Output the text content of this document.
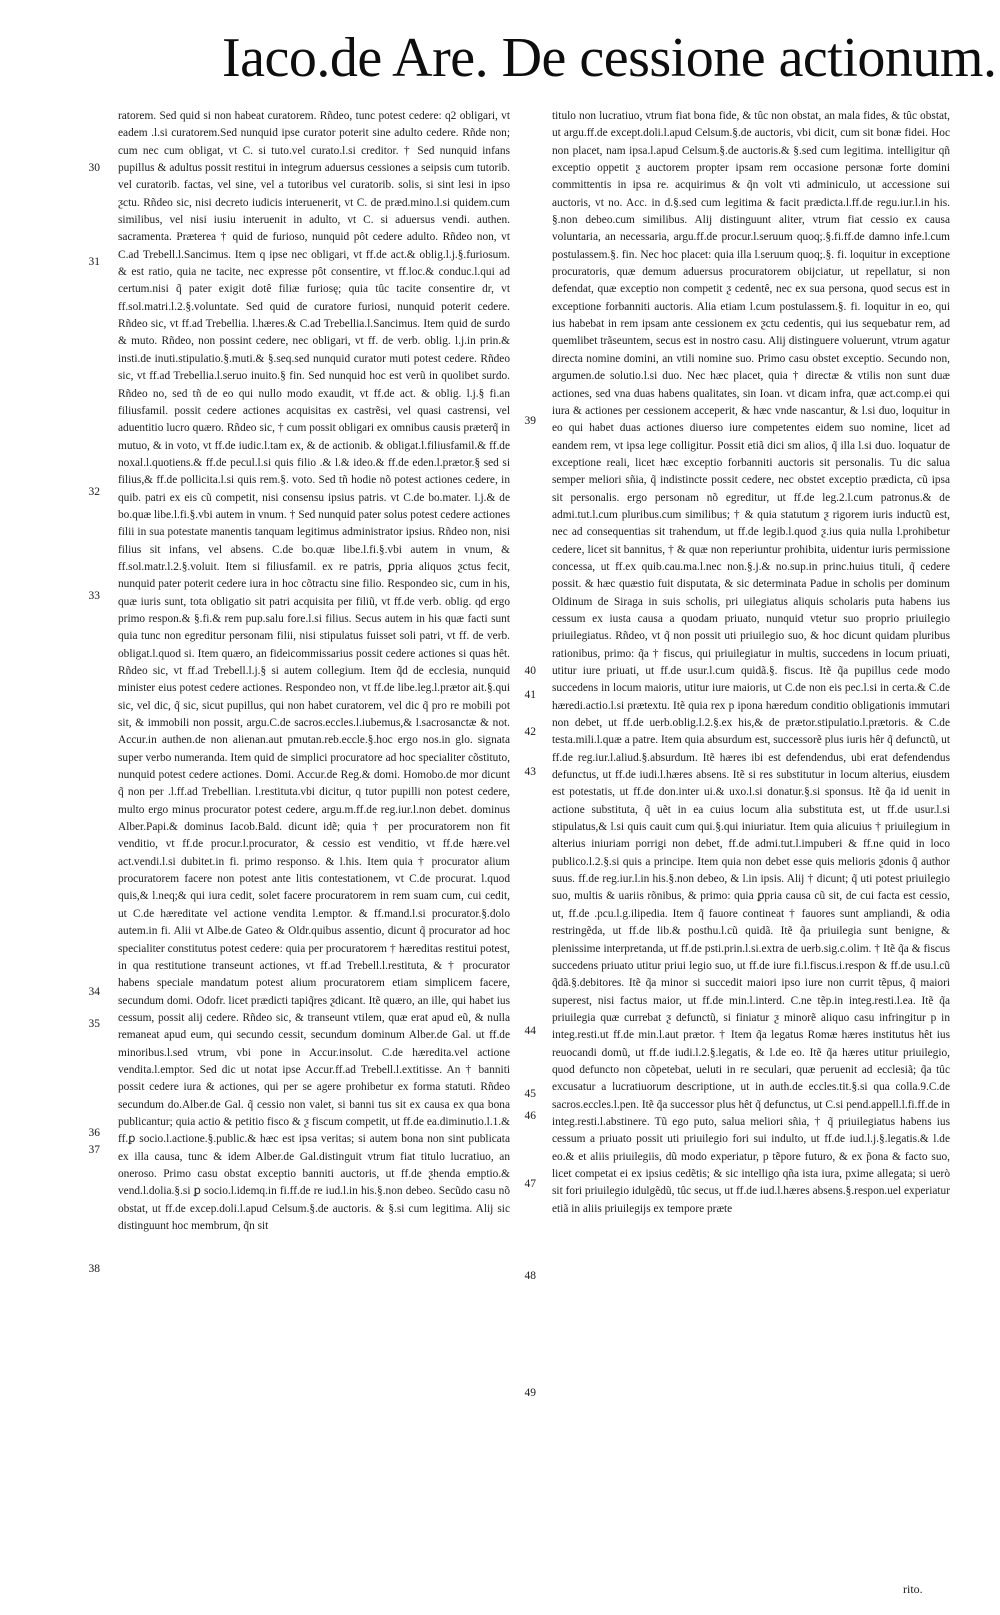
Iaco.de Are. De cessione actionum.

ratorem. Sed quid si non habeat curatorem. Rñdeo, tunc potest cedere: q2 obligari, vt eadem .l.si curatorem.Sed nunquid ipse curator poterit sine adulto cedere. Rñde non; cum nec cum obligat, vt C. si tuto.vel curato.l.si creditor. † Sed nunquid infans pupillus & adultus possit restitui in integrum aduersus cessiones a seipsis cum tutorib. vel curatorib. factas, vel sine, vel a tutoribus vel curatorib. solis, si sint lesi in ipso ƺctu. Rñdeo sic, nisi decreto iudicis interuenerit, vt C. de præd.mino.l.si quidem.cum similibus, vel nisi iusiu interuenit in adulto, vt C. si aduersus vendi. authen. sacramenta. Præterea † quid de furioso, nunquid pôt cedere adulto. Rñdeo non, vt C.ad Trebell.l.Sancimus. Item q ipse nec obligari, vt ff.de act.& oblig.l.j.§.furiosum. & est ratio, quia ne tacite, nec expresse pôt consentire, vt ff.loc.& conduc.l.qui ad certum.nisi q̃ pater exigit dotê filiæ furiosę; quia tûc tacite consentire dr, vt ff.sol.matri.l.2.§.voluntate. Sed quid de curatore furiosi, nunquid poterit cedere. Rñdeo sic, vt ff.ad Trebellia. l.hæres.& C.ad Trebellia.l.Sancimus. Item quid de surdo & muto. Rñdeo, non possint cedere, nec obligari, vt ff. de verb. oblig. l.j.in prin.& insti.de inuti.stipulatio.§.muti.& §.seq.sed nunquid curator muti potest cedere. Rñdeo sic, vt ff.ad Trebellia.l.seruo inuito.§ fin. Sed nunquid hoc est verũ in quolibet surdo. Rñdeo no, sed tñ de eo qui nullo modo exaudit, vt ff.de act. & oblig. l.j.§ fi.an filiusfamil. possit cedere actiones acquisitas ex castrẽsi, vel quasi castrensi, vel aduentitio lucro quæro. Rñdeo sic, † cum possit obligari ex omnibus causis præterq̃ in mutuo, & in voto, vt ff.de iudic.l.tam ex, & de actionib. & obligat.l.filiusfamil.& ff.de noxal.l.quotiens.& ff.de pecul.l.si quis filio .& l.& ideo.& ff.de eden.l.prætor.§ sed si filius,& ff.de pollicita.l.si quis rem.§. voto. Sed tñ hodie nõ potest actiones cedere, in quib. patri ex eis cũ competit, nisi consensu ipsius patris. vt C.de bo.mater. l.j.& de bo.quæ libe.l.fi.§.vbi autem in vnum. † Sed nunquid pater solus potest cedere actiones filii in sua potestate manentis tanquam legitimus administrator ipsius. Rñdeo non, nisi filius sit infans, vel absens. C.de bo.quæ libe.l.fi.§.vbi autem in vnum, & ff.sol.matr.l.2.§.voluit. Item si filiusfamil. ex re patris, ꝑpria aliquos ƺctus fecit, nunquid pater poterit cedere iura in hoc cõtractu sine filio. Respondeo sic, cum in his, quæ iuris sunt, tota obligatio sit patri acquisita per filiũ, vt ff.de verb. oblig. qd ergo primo respon.& §.fi.& rem pup.salu fore.l.si filius. Secus autem in his quæ facti sunt quia tunc non egreditur personam filii, nisi stipulatus fuisset soli patri, vt ff. de verb. obligat.l.quod si. Item quæro, an fideicommissarius possit cedere actiones si quas hêt. Rñdeo sic, vt ff.ad Trebell.l.j.§ si autem collegium. Item q̃d de ecclesia, nunquid minister eius potest cedere actiones. Respondeo non, vt ff.de libe.leg.l.prætor ait.§.qui sic, vel dic, q̃ sic, sicut pupillus, qui non habet curatorem, vel dic q̃ pro re mobili pot sit, & immobili non possit, argu.C.de sacros.eccles.l.iubemus,& l.sacrosanctæ & not. Accur.in authen.de non alienan.aut pmutan.reb.eccle.§.hoc ergo nos.in glo. signata super verbo numeranda. Item quid de simplici procuratore ad hoc specialiter cõstituto, nunquid potest cedere actiones. Domi. Accur.de Reg.& domi. Homobo.de mor dicunt q̃ non per .l.ff.ad Trebellian. l.restituta.vbi dicitur, q tutor pupilli non potest cedere, multo ergo minus procurator potest cedere, argu.m.ff.de reg.iur.l.non debet. dominus Alber.Papi.& dominus Iacob.Bald. dicunt idẽ; quia † per procuratorem non fit venditio, vt ff.de procur.l.procurator, & cessio est venditio, vt ff.de hære.vel act.vendi.l.si dubitet.in fi. primo responso. & l.his. Item quia † procurator alium procuratorem facere non potest ante litis contestationem, vt C.de procurat. l.quod quis,& l.neq;& qui iura cedit, solet facere procuratorem in rem suam cum, cui cedit, ut C.de hæreditate vel actione vendita l.emptor. & ff.mand.l.si procurator.§.dolo autem.in fi. Alii vt Albe.de Gateo & Oldr.quibus assentio, dicunt q̃ procurator ad hoc specialiter constitutus potest cedere: quia per procuratorem † hæreditas restitui potest, in qua restitutione transeunt actiones, vt ff.ad Trebell.l.restituta, & † procurator habens speciale mandatum potest alium procuratorem etiam simplicem facere, secundum domi. Odofr. licet prædicti tapiq̃res ƺdicant. Itẽ quæro, an ille, qui habet ius cessum, possit alij cedere. Rñdeo sic, & transeunt vtilem, quæ erat apud eũ, & nulla remaneat apud eum, qui secundo cessit, secundum dominum Alber.de Gal. ut ff.de minoribus.l.sed vtrum, vbi pone in Accur.insolut. C.de hæredita.vel actione vendita.l.emptor. Sed dic ut notat ipse Accur.ff.ad Trebell.l.extitisse. An † banniti possit cedere iura & actiones, qui per se agere prohibetur ex forma statuti. Rñdeo secundum do.Alber.de Gal. q̃ cessio non valet, si banni tus sit ex causa ex qua bona publicantur; quia actio & petitio fisco & ƺ fiscum competit, ut ff.de ea.diminutio.l.1.& ff.ꝑ socio.l.actione.§.public.& hæc est ipsa veritas; si autem bona non sint publicata ex illa causa, tunc & idem Alber.de Gal.distinguit vtrum fiat titulo lucratiuo, an oneroso. Primo casu obstat exceptio banniti auctoris, ut ff.de ƺhenda emptio.& vend.l.dolia.§.si ꝑ socio.l.idemq.in fi.ff.de re iud.l.in his.§.non debeo. Secũdo casu nõ obstat, ut ff.de excep.doli.l.apud Celsum.§.de auctoris. & §.si cum legitima. Alij sic distinguunt hoc membrum, q̃n sit

titulo non lucratiuo, vtrum fiat bona fide, & tûc non obstat, an mala fides, & tûc obstat, ut argu.ff.de except.doli.l.apud Celsum.§.de auctoris, vbi dicit, cum sit bonæ fidei. Hoc non placet, nam ipsa.l.apud Celsum.§.de auctoris.& §.sed cum legitima. intelligitur qñ exceptio oppetit ƺ auctorem propter ipsam rem occasione personæ forte domini committentis in ipsa re. acquirimus & q̃n volt vti adminiculo, ut accessione sui auctoris, vt no. Acc. in d.§.sed cum legitima & facit prædicta.l.ff.de regu.iur.l.in his. §.non debeo.cum similibus. Alij distinguunt aliter, vtrum fiat cessio ex causa voluntaria, an necessaria, argu.ff.de procur.l.seruum quoq;.§.fi.ff.de damno infe.l.cum postulassem.§. fin. Nec hoc placet: quia illa l.seruum quoq;.§. fi. loquitur in exceptione procuratoris, quæ demum aduersus procuratorem obijciatur, ut repellatur, si non defendat, quæ exceptio non competit ƺ cedentê, nec ex sua persona, quod secus est in exceptione forbanniti auctoris. Alia etiam l.cum postulassem.§. fi. loquitur in eo, qui ius habebat in rem ipsam ante cessionem ex ƺctu cedentis, qui ius sequebatur rem, ad quemlibet trãseuntem, secus est in nostro casu. Alij distinguere voluerunt, vtrum agatur directa nomine domini, an vtili nomine suo. Primo casu obstet exceptio. Secundo non, argumen.de solutio.l.si duo. Nec hæc placet, quia † directæ & vtilis non sunt duæ actiones, sed vna duas habens qualitates, sin Ioan. vt dicam infra, quæ act.comp.ei qui iura & actiones per cessionem acceperit, & hæc vnde nascantur, & l.si duo, loquitur in eo qui habet duas actiones diuerso iure competentes eidem suo nomine, licet ad eandem rem, vt ipsa lege colligitur. Possit etiã dici sm alios, q̃ illa l.si duo. loquatur de exceptione reali, licet hæc exceptio forbanniti auctoris sit personalis. Tu dic salua semper meliori sñia, q̃ indistincte possit cedere, nec obstet exceptio prædicta, cũ ipsa sit personalis. ergo personam nõ egreditur, ut ff.de leg.2.l.cum patronus.& de admi.tut.l.cum pluribus.cum similibus; † & quia statutum ƺ rigorem iuris inductũ est, nec ad consequentias sit trahendum, ut ff.de legib.l.quod ƺ.ius quia nulla l.prohibetur cedere, licet sit bannitus, † & quæ non reperiuntur prohibita, uidentur iuris permissione concessa, ut ff.ex quib.cau.ma.l.nec non.§.j.& no.sup.in princ.huius tituli, q̃ cedere possit. & hæc quæstio fuit disputata, & sic determinata Padue in scholis per dominum Oldinum de Siraga in suis scholis, pri uilegiatus aliquis scholaris puta habens ius cessum ex iusta causa a quodam priuato, nunquid vtetur suo proprio priuilegio priuilegiatus. Rñdeo, vt q̃ non possit uti priuilegio suo, & hoc dicunt quidam pluribus rationibus, primo: q̃a † fiscus, qui priuilegiatur in multis, succedens in locum priuati, utitur iure priuati, ut ff.de usur.l.cum quidã.§. fiscus. Itẽ q̃a pupillus cede modo succedens in locum maioris, utitur iure maioris, ut C.de non eis pec.l.si in certa.& C.de hæredi.actio.l.si prætextu. Itẽ quia rex p ipona hæredum conditio obligationis immutari non debet, ut ff.de uerb.oblig.l.2.§.ex his,& de prætor.stipulatio.l.prætoris. & C.de testa.mili.l.quæ a patre. Item quia absurdum est, successorẽ plus iuris hêr q̃ defunctũ, ut ff.de reg.iur.l.aliud.§.absurdum. Itẽ hæres ibi est defendendus, ubi erat defendendus defunctus, ut ff.de iudi.l.hæres absens. Itẽ si res substitutur in locum alterius, eiusdem est potestatis, ut ff.de don.inter ui.& uxo.l.si donatur.§.si sponsus. Itẽ q̃a id uenit in actione substituta, q̃ uẽt in ea cuius locum alia substituta est, ut ff.de usur.l.si stipulatus,& l.si quis cauit cum qui.§.qui iniuriatur. Item quia alicuius † priuilegium in alterius iniuriam porrigi non debet, ff.de admi.tut.l.impuberi & ff.ne quid in loco publico.l.2.§.si quis a principe. Item quia non debet esse quis melioris ƺdonis q̃ author suus. ff.de reg.iur.l.in his.§.non debeo, & l.in ipsis. Alij † dicunt; q̃ uti potest priuilegio suo, multis & uariis rõnibus, & primo: quia ꝑpria causa cũ sit, de cui facta est cessio, ut, ff.de .pcu.l.g.ilipedia. Item q̃ fauore contineat † fauores sunt ampliandi, & odia restringẽda, ut ff.de lib.& posthu.l.cũ quidã. Itẽ q̃a priuilegia sunt benigne, & plenissime interpretanda, ut ff.de psti.prin.l.si.extra de uerb.sig.c.olim. † Itẽ q̃a & fiscus succedens priuato utitur priui legio suo, ut ff.de iure fi.l.fiscus.i.respon & ff.de usu.l.cũ q̃dã.§.debitores. Itẽ q̃a minor si succedit maiori ipso iure non currit tẽpus, q̃ maiori superest, nisi factus maior, ut ff.de min.l.interd. C.ne tẽp.in integ.resti.l.ea. Itẽ q̃a priuilegia quæ currebat ƺ defunctũ, si finiatur ƺ minorẽ aliquo casu infringitur p in integ.resti.ut ff.de min.l.aut prætor. † Item q̃a legatus Romæ hæres institutus hêt ius reuocandi domũ, ut ff.de iudi.l.2.§.legatis, & l.de eo. Itẽ q̃a hæres utitur priuilegio, quod defuncto non cõpetebat, ueluti in re seculari, quæ peruenit ad ecclesiã; q̃a tûc excusatur a lucratiuorum descriptione, ut in auth.de eccles.tit.§.si qua colla.9.C.de sacros.eccles.l.pen. Itẽ q̃a successor plus hêt q̃ defunctus, ut C.si pend.appell.l.fi.ff.de in integ.resti.l.abstinere. Tũ ego puto, salua meliori sñia, † q̃ priuilegiatus habens ius cessum a priuato possit uti priuilegio fori sui indulto, ut ff.de iud.l.j.§.legatis.& l.de eo.& et aliis priuilegiis, dũ modo experiatur, p tẽpore futuro, & ex p̃ona & facto suo, licet competat ei ex ipsius cedẽtis; & sic intelligo qña ista iura, pxime allegata; si uerò sit fori priuilegio idulgẽdũ, tûc secus, ut ff.de iud.l.hæres absens.§.respon.uel experiatur etiã in aliis priuilegijs ex tempore præte

30
31
32
33
34
35
36
37
38
39
40
41
42
43
44
45
46
47
48
49
rito.
